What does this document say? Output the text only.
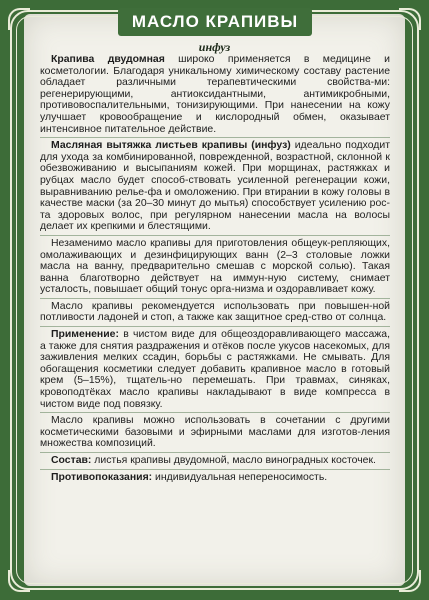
МАСЛО КРАПИВЫ
инфуз

Крапива двудомная широко применяется в медицине и косметологии. Благодаря уникальному химическому составу растение обладает различными терапевтическими свойства-ми: регенерирующими, антиоксидантными, антимикробными, противовоспалительными, тонизирующими. При нанесении на кожу улучшает кровообращение и кислородный обмен, оказывает интенсивное питательное действие.

Масляная вытяжка листьев крапивы (инфуз) идеально подходит для ухода за комбинированной, поврежденной, возрастной, склонной к обезвоживанию и высыпаниям кожей. При морщинах, растяжках и рубцах масло будет способ-ствовать усиленной регенерации кожи, выравниванию релье-фа и омоложению. При втирании в кожу головы в качестве маски (за 20–30 минут до мытья) способствует усилению рос-та здоровых волос, при регулярном нанесении масла на волосы делает их крепкими и блестящими.

Незаменимо масло крапивы для приготовления общеук-репляющих, омолаживающих и дезинфицирующих ванн (2–3 столовые ложки масла на ванну, предварительно смешав с морской солью). Такая ванна благотворно действует на иммун-ную систему, снимает усталость, повышает общий тонус орга-низма и оздоравливает кожу.

Масло крапивы рекомендуется использовать при повышен-ной потливости ладоней и стоп, а также как защитное сред-ство от солнца.

Применение: в чистом виде для общеоздоравливающего массажа, а также для снятия раздражения и отёков после укусов насекомых, для заживления мелких ссадин, борьбы с растяжками. Не смывать. Для обогащения косметики следует добавить крапивное масло в готовый крем (5–15%), тщатель-но перемешать. При травмах, синяках, кровоподтёках масло крапивы накладывают в виде компресса в чистом виде под повязку.

Масло крапивы можно использовать в сочетании с другими косметическими базовыми и эфирными маслами для изготов-ления множества композиций.

Состав: листья крапивы двудомной, масло виноградных косточек.

Противопоказания: индивидуальная непереносимость.
